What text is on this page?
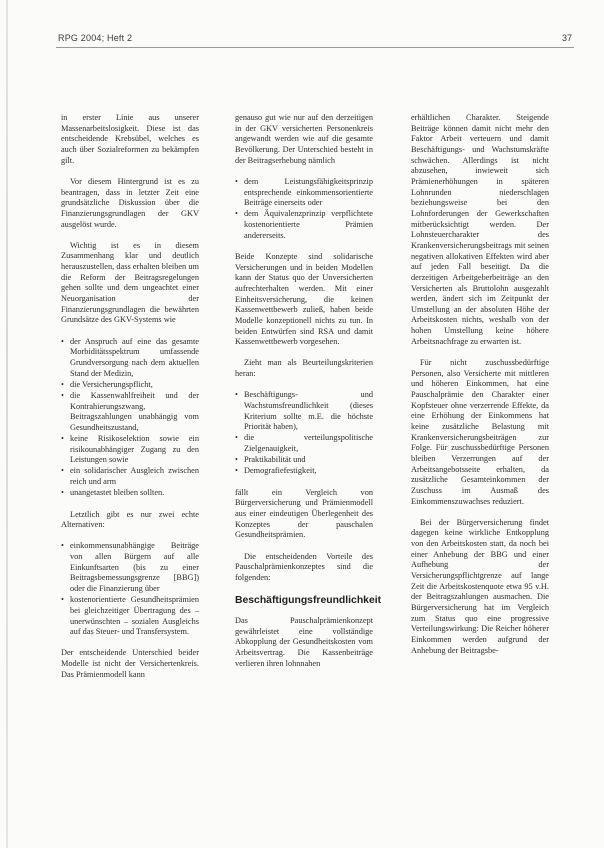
RPG 2004; Heft 2	37

in erster Linie aus unserer Massenarbeitslosigkeit. Diese ist das entscheidende Krebsübel, welches es auch über Sozialreformen zu bekämpfen gilt.

Vor diesem Hintergrund ist es zu beantragen, dass in letzter Zeit eine grundsätzliche Diskussion über die Finanzierungsgrundlagen der GKV ausgelöst wurde.

Wichtig ist es in diesem Zusammenhang klar und deutlich herauszustellen, dass erhalten bleiben um die Reform der Beitragsregelungen gehen sollte und dem ungeachtet einer Neuorganisation der Finanzierungsgrundlagen die bewährten Grundsätze des GKV-Systems wie

• der Anspruch auf eine das gesamte Morbiditätsspektrum umfassende Grundversorgung nach dem aktuellen Stand der Medizin,
• die Versicherungspflicht,
• die Kassenwahlfreiheit und der Kontrahierungszwang, Beitragszahlungen unabhängig vom Gesundheitszustand,
• keine Risikoselektion sowie ein risikounabhängiger Zugang zu den Leistungen sowie
• ein solidarischer Ausgleich zwischen reich und arm
• unangetastet bleiben sollten.

Letztlich gibt es nur zwei echte Alternativen:

• einkommensunabhängige Beiträge von allen Bürgern auf alle Einkunftsarten (bis zu einer Beitragsbemessungsgrenze [BBG]) oder die Finanzierung über
• kostenorientierte Gesundheitsprämien bei gleichzeitiger Übertragung des – unerwünschten – sozialen Ausgleichs auf das Steuer- und Transfersystem.

Der entscheidende Unterschied beider Modelle ist nicht der Versichertenkreis. Das Prämienmodell kann

genauso gut wie nur auf den derzeitigen in der GKV versicherten Personenkreis angewandt werden wie auf die gesamte Bevölkerung. Der Unterschied besteht in der Beitragserhebung nämlich

• dem Leistungsfähigkeitsprinzip entsprechende einkommensorientierte Beiträge einerseits oder
• dem Äquivalenzprinzip verpflichtete kostenorientierte Prämien andererseits.

Beide Konzepte sind solidarische Versicherungen und in beiden Modellen kann der Status quo der Unversicherten aufrechterhalten werden. Mit einer Einheitsversicherung, die keinen Kassenwettbewerb zuließ, haben beide Modelle konzeptionell nichts zu tun. In beiden Entwürfen sind RSA und damit Kassenwettbewerb vorgesehen.

Zieht man als Beurteilungskriterien heran:

• Beschäftigungs- und Wachstumsfreundlichkeit (dieses Kriterium sollte m.E. die höchste Priorität haben),
• die verteilungspolitische Zielgenauigkeit,
• Praktikabilität und
• Demografiefestigkeit,

fällt ein Vergleich von Bürgerversicherung und Prämienmodell aus einer eindeutigen Überlegenheit des Konzeptes der pauschalen Gesundheitsprämien.

Die entscheidenden Vorteile des Pauschalprämienkonzeptes sind die folgenden:

Beschäftigungsfreundlichkeit

Das Pauschalprämienkonzept gewährleistet eine vollständige Abkopplung der Gesundheitskosten vom Arbeitsvertrag. Die Kassenbeiträge verlieren ihren lohnnahen

erhältlichen Charakter. Steigende Beiträge können damit nicht mehr den Faktor Arbeit verteuern und damit Beschäftigungs- und Wachstumskräfte schwächen. Allerdings ist nicht abzusehen, inwieweit sich Prämienerhöhungen in späteren Lohnrunden niederschlagen beziehungsweise bei den Lohnforderungen der Gewerkschaften mitberücksichtigt werden. Der Lohnsteuercharakter des Krankenversicherungsbeitrags mit seinen negativen allokativen Effekten wird aber auf jeden Fall beseitigt. Da die derzeitigen Arbeitgeberbeiträge an den Versicherten als Bruttolohn ausgezahlt werden, ändert sich im Zeitpunkt der Umstellung an der absoluten Höhe der Arbeitskosten nichts, weshalb von der hohen Umstellung keine höhere Arbeitsnachfrage zu erwarten ist.

Für nicht zuschussbedürftige Personen, also Versicherte mit mittleren und höheren Einkommen, hat eine Pauschalprämie den Charakter einer Kopfsteuer ohne verzerrende Effekte, da eine Erhöhung der Einkommens hat keine zusätzliche Belastung mit Krankenversicherungsbeiträgen zur Folge. Für zuschussbedürftige Personen bleiben Verzerrungen auf der Arbeitsangebotsseite erhalten, da zusätzliche Gesamteinkommen der Zuschuss im Ausmaß des Einkommenszuwachses reduziert.

Bei der Bürgerversicherung findet dagegen keine wirkliche Entkopplung von den Arbeitskosten statt, da noch bei einer Anhebung der BBG und einer Aufhebung der Versicherungspflichtgrenze auf lange Zeit die Arbeitskostenquote etwa 95 v.H. der Beitragszahlungen ausmachen. Die Bürgerversicherung hat im Vergleich zum Status quo eine progressive Verteilungswirkung: Die Reicher höherer Einkommen werden aufgrund der Anhebung der Beitragsbe-
